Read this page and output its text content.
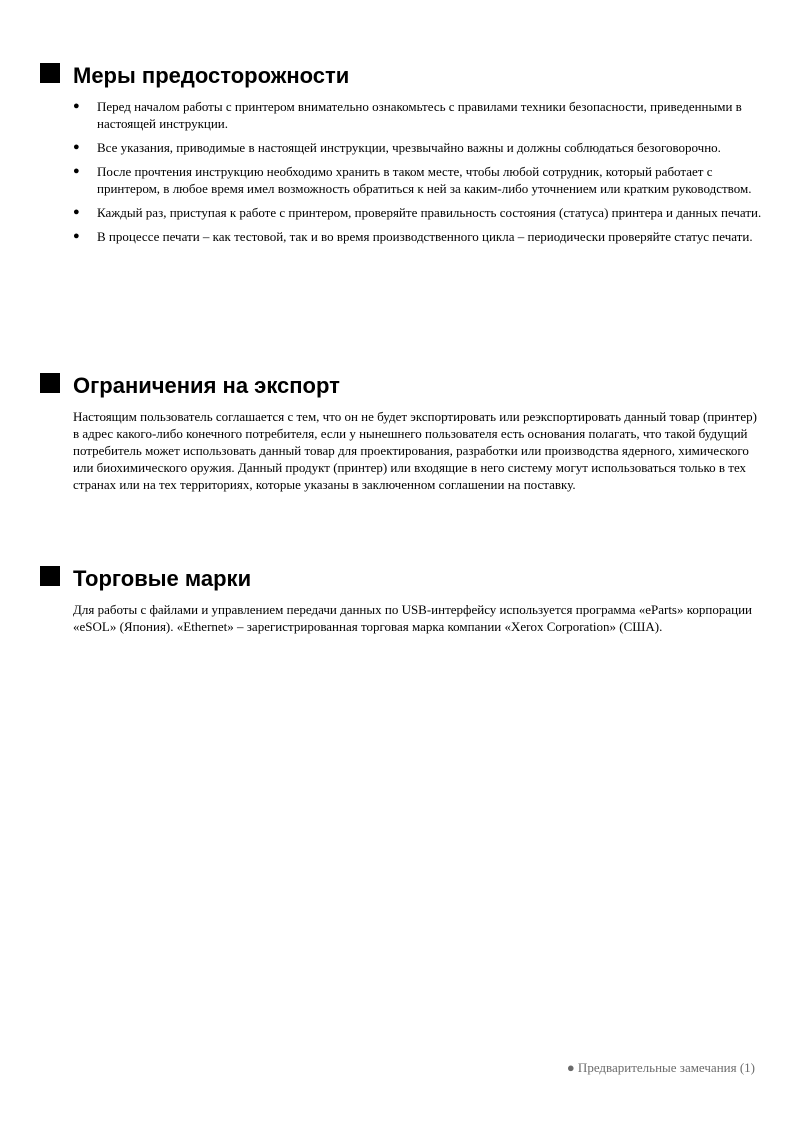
Меры предосторожности
● Перед началом работы с принтером внимательно ознакомьтесь с правилами техники безопасности, приведенными в настоящей инструкции.
● Все указания, приводимые в настоящей инструкции, чрезвычайно важны и должны соблюдаться безоговорочно.
● После прочтения инструкцию необходимо хранить в таком месте, чтобы любой сотрудник, который работает с принтером, в любое время имел возможность обратиться к ней за каким-либо уточнением или кратким руководством.
● Каждый раз, приступая к работе с принтером, проверяйте правильность состояния (статуса) принтера и данных печати.
● В процессе печати – как тестовой, так и во время производственного цикла – периодически проверяйте статус печати.
Ограничения на экспорт

Настоящим пользователь соглашается с тем, что он не будет экспортировать или реэкспортировать данный товар (принтер) в адрес какого-либо конечного потребителя, если у нынешнего пользователя есть основания полагать, что такой будущий потребитель может использовать данный товар для проектирования, разработки или производства ядерного, химического или биохимического оружия. Данный продукт (принтер) или входящие в него систему могут использоваться только в тех странах или на тех территориях, которые указаны в заключенном соглашении на поставку.

Торговые марки

Для работы с файлами и управлением передачи данных по USB-интерфейсу используется программа «eParts» корпорации «eSOL» (Япония). «Ethernet» – зарегистрированная торговая марка компании «Xerox Corporation» (США).

● Предварительные замечания (1)
